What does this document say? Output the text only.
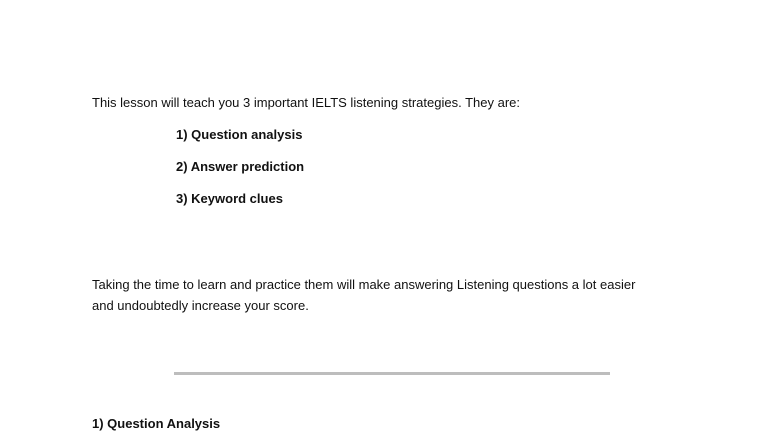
This lesson will teach you 3 important IELTS listening strategies. They are:
1) Question analysis
2) Answer prediction
3) Keyword clues
Taking the time to learn and practice them will make answering Listening questions a lot easier
and undoubtedly increase your score.
1) Question Analysis
